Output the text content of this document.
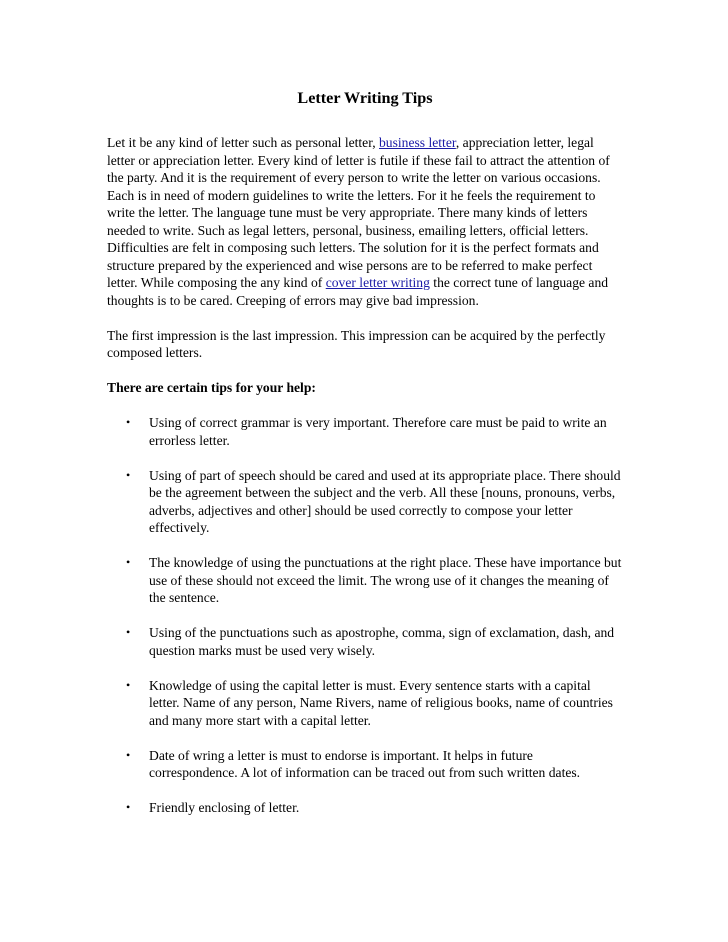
Letter Writing Tips

Let it be any kind of letter such as personal letter, business letter, appreciation letter, legal letter or appreciation letter. Every kind of letter is futile if these fail to attract the attention of the party. And it is the requirement of every person to write the letter on various occasions. Each is in need of modern guidelines to write the letters. For it he feels the requirement to write the letter. The language tune must be very appropriate. There many kinds of letters needed to write. Such as legal letters, personal, business, emailing letters, official letters. Difficulties are felt in composing such letters. The solution for it is the perfect formats and structure prepared by the experienced and wise persons are to be referred to make perfect letter. While composing the any kind of cover letter writing the correct tune of language and thoughts is to be cared. Creeping of errors may give bad impression.

The first impression is the last impression. This impression can be acquired by the perfectly composed letters.

There are certain tips for your help:
• Using of correct grammar is very important. Therefore care must be paid to write an errorless letter.
• Using of part of speech should be cared and used at its appropriate place. There should be the agreement between the subject and the verb. All these [nouns, pronouns, verbs, adverbs, adjectives and other] should be used correctly to compose your letter effectively.
• The knowledge of using the punctuations at the right place. These have importance but use of these should not exceed the limit. The wrong use of it changes the meaning of the sentence.
• Using of the punctuations such as apostrophe, comma, sign of exclamation, dash, and question marks must be used very wisely.
• Knowledge of using the capital letter is must. Every sentence starts with a capital letter. Name of any person, Name Rivers, name of religious books, name of countries and many more start with a capital letter.
• Date of wring a letter is must to endorse is important. It helps in future correspondence. A lot of information can be traced out from such written dates.
• Friendly enclosing of letter.
